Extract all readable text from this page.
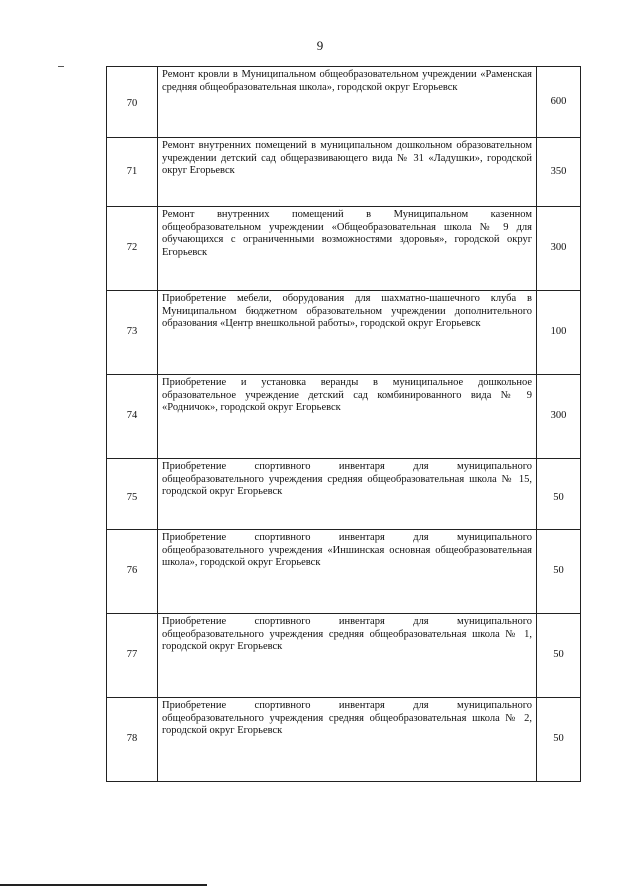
9
70	Ремонт кровли в Муниципальном общеобразовательном учреждении «Раменская средняя общеобразовательная школа», городской округ Егорьевск	600
71	Ремонт внутренних помещений в муниципальном дошкольном образовательном учреждении детский сад общеразвивающего вида № 31 «Ладушки», городской округ Егорьевск	350
72	Ремонт внутренних помещений в Муниципальном казенном общеобразовательном учреждении «Общеобразовательная школа № 9 для обучающихся с ограниченными возможностями здоровья», городской округ Егорьевск	300
73	Приобретение мебели, оборудования для шахматно-шашечного клуба в Муниципальном бюджетном образовательном учреждении дополнительного образования «Центр внешкольной работы», городской округ Егорьевск	100
74	Приобретение и установка веранды в муниципальное дошкольное образовательное учреждение детский сад комбинированного вида № 9 «Родничок», городской округ Егорьевск	300
75	Приобретение спортивного инвентаря для муниципального общеобразовательного учреждения средняя общеобразовательная школа № 15, городской округ Егорьевск	50
76	Приобретение спортивного инвентаря для муниципального общеобразовательного учреждения «Иншинская основная общеобразовательная школа», городской округ Егорьевск	50
77	Приобретение спортивного инвентаря для муниципального общеобразовательного учреждения средняя общеобразовательная школа № 1, городской округ Егорьевск	50
78	Приобретение спортивного инвентаря для муниципального общеобразовательного учреждения средняя общеобразовательная школа № 2, городской округ Егорьевск	50
